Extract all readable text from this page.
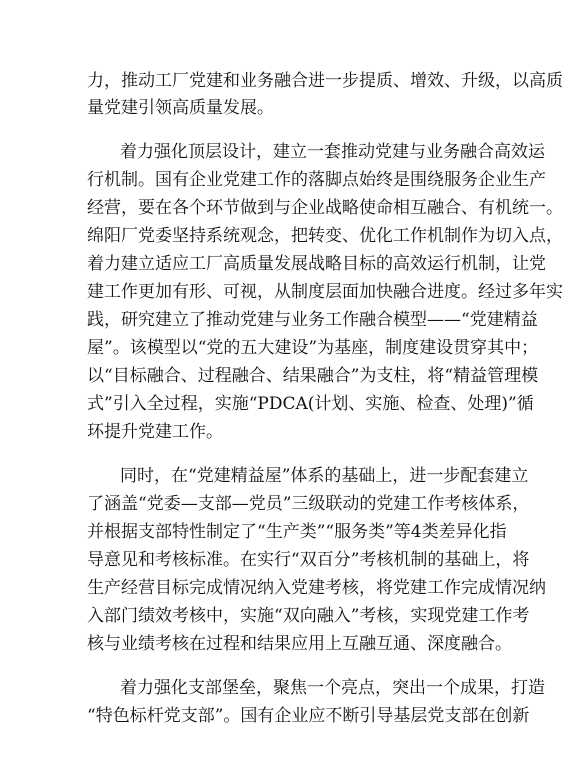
力，推动工厂党建和业务融合进一步提质、增效、升级，以高质
量党建引领高质量发展。
着力强化顶层设计，建立一套推动党建与业务融合高效运
行机制。国有企业党建工作的落脚点始终是围绕服务企业生产
经营，要在各个环节做到与企业战略使命相互融合、有机统一。
绵阳厂党委坚持系统观念，把转变、优化工作机制作为切入点，
着力建立适应工厂高质量发展战略目标的高效运行机制，让党
建工作更加有形、可视，从制度层面加快融合进度。经过多年实
践，研究建立了推动党建与业务工作融合模型——“党建精益
屋”。该模型以“党的五大建设”为基座，制度建设贯穿其中；
以“目标融合、过程融合、结果融合”为支柱，将“精益管理模
式”引入全过程，实施“PDCA(计划、实施、检查、处理)”循
环提升党建工作。
同时，在“党建精益屋”体系的基础上，进一步配套建立
了涵盖“党委—支部—党员”三级联动的党建工作考核体系，
并根据支部特性制定了“生产类”“服务类”等4类差异化指
导意见和考核标准。在实行“双百分”考核机制的基础上，将
生产经营目标完成情况纳入党建考核，将党建工作完成情况纳
入部门绩效考核中，实施“双向融入”考核，实现党建工作考
核与业绩考核在过程和结果应用上互融互通、深度融合。
着力强化支部堡垒，聚焦一个亮点，突出一个成果，打造
“特色标杆党支部”。国有企业应不断引导基层党支部在创新
